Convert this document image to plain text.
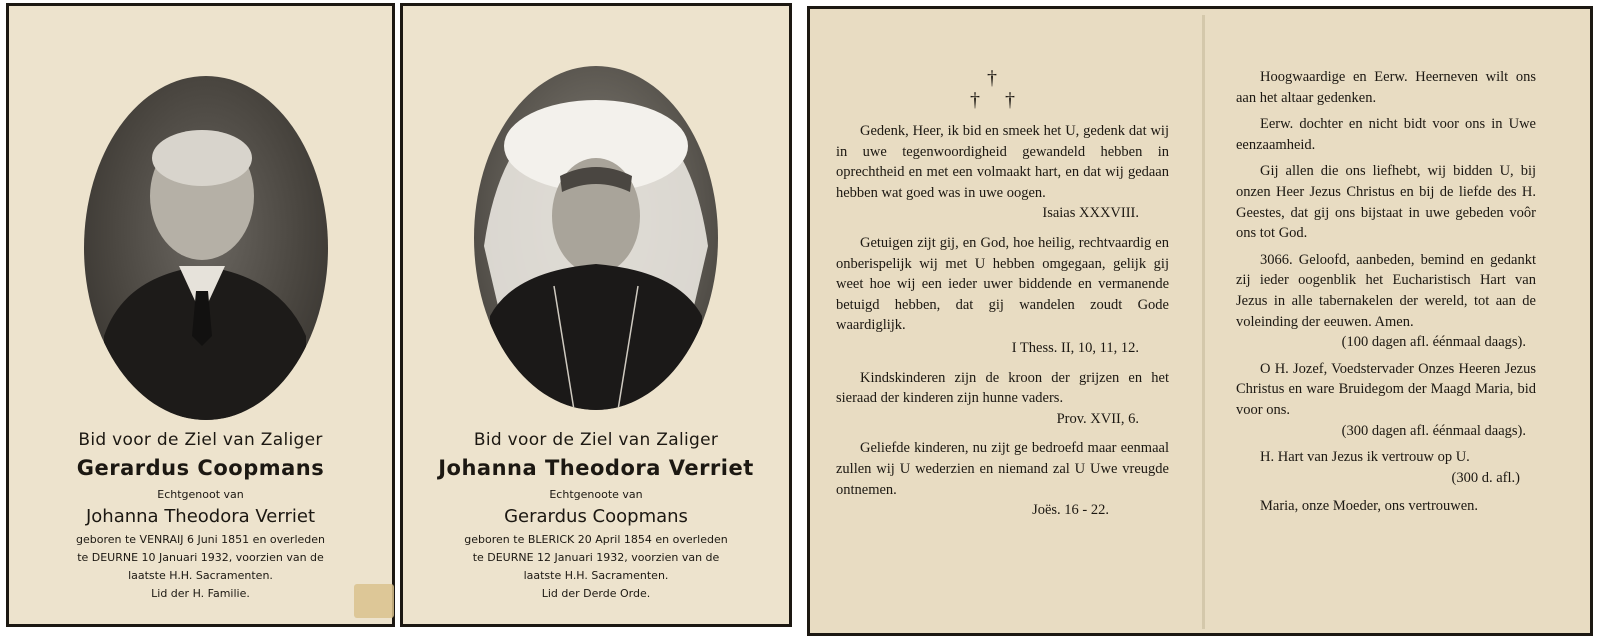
Bid voor de Ziel van Zaliger
Gerardus Coopmans
Echtgenoot van
Johanna Theodora Verriet
geboren te VENRAIJ 6 Juni 1851 en overleden
te DEURNE 10 Januari 1932, voorzien van de
laatste H.H. Sacramenten.
Lid der H. Familie.
Bid voor de Ziel van Zaliger
Johanna Theodora Verriet
Echtgenoote van
Gerardus Coopmans
geboren te BLERICK 20 April 1854 en overleden
te DEURNE 12 Januari 1932, voorzien van de
laatste H.H. Sacramenten.
Lid der Derde Orde.
†
† †

Gedenk, Heer, ik bid en smeek het U, gedenk dat wij in uwe tegenwoordigheid gewandeld hebben in oprechtheid en met een volmaakt hart, en dat wij gedaan hebben wat goed was in uwe oogen.

Isaias XXXVIII.

Getuigen zijt gij, en God, hoe heilig, rechtvaardig en onberispelijk wij met U hebben omgegaan, gelijk gij weet hoe wij een ieder uwer biddende en vermanende betuigd hebben, dat gij wandelen zoudt Gode waardiglijk.

I Thess. II, 10, 11, 12.

Kindskinderen zijn de kroon der grijzen en het sieraad der kinderen zijn hunne vaders.

Prov. XVII, 6.

Geliefde kinderen, nu zijt ge bedroefd maar eenmaal zullen wij U wederzien en niemand zal U Uwe vreugde ontnemen.

Joës. 16 - 22.

Hoogwaardige en Eerw. Heerneven wilt ons aan het altaar gedenken.

Eerw. dochter en nicht bidt voor ons in Uwe eenzaamheid.

Gij allen die ons liefhebt, wij bidden U, bij onzen Heer Jezus Christus en bij de liefde des H. Geestes, dat gij ons bijstaat in uwe gebeden voôr ons tot God.

3066. Geloofd, aanbeden, bemind en gedankt zij ieder oogenblik het Eucharistisch Hart van Jezus in alle tabernakelen der wereld, tot aan de voleinding der eeuwen. Amen.

(100 dagen afl. éénmaal daags).

O H. Jozef, Voedstervader Onzes Heeren Jezus Christus en ware Bruidegom der Maagd Maria, bid voor ons.

(300 dagen afl. éénmaal daags).

H. Hart van Jezus ik vertrouw op U.

(300 d. afl.)

Maria, onze Moeder, ons vertrouwen.
